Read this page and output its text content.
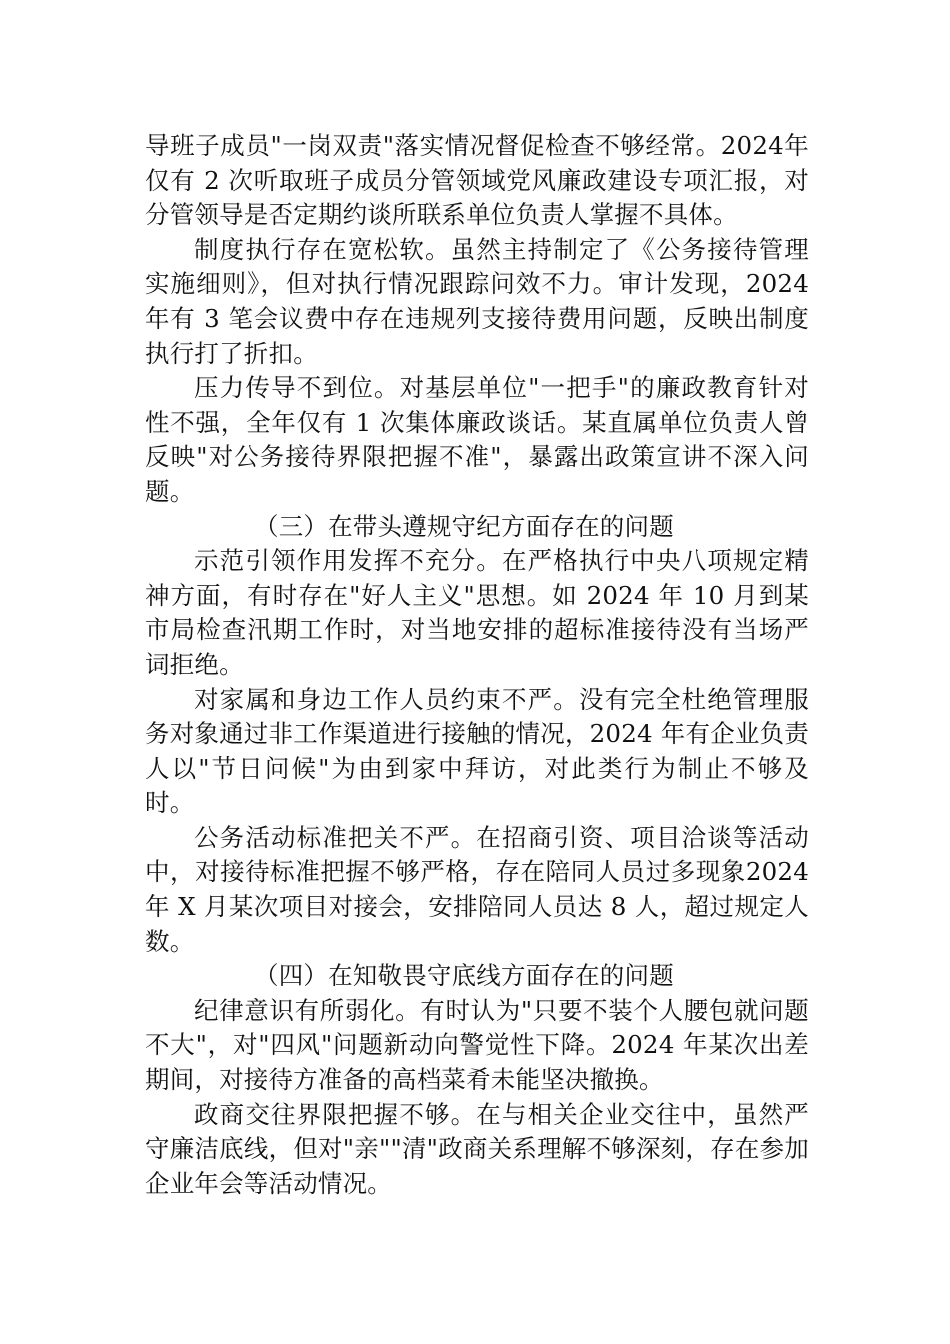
导班子成员"一岗双责"落实情况督促检查不够经常。2024年仅有 2 次听取班子成员分管领域党风廉政建设专项汇报，对分管领导是否定期约谈所联系单位负责人掌握不具体。

制度执行存在宽松软。虽然主持制定了《公务接待管理实施细则》，但对执行情况跟踪问效不力。审计发现，2024 年有 3 笔会议费中存在违规列支接待费用问题，反映出制度执行打了折扣。

压力传导不到位。对基层单位"一把手"的廉政教育针对性不强，全年仅有 1 次集体廉政谈话。某直属单位负责人曾反映"对公务接待界限把握不准"，暴露出政策宣讲不深入问题。

（三）在带头遵规守纪方面存在的问题

示范引领作用发挥不充分。在严格执行中央八项规定精神方面，有时存在"好人主义"思想。如 2024 年 10 月到某市局检查汛期工作时，对当地安排的超标准接待没有当场严词拒绝。

对家属和身边工作人员约束不严。没有完全杜绝管理服务对象通过非工作渠道进行接触的情况，2024 年有企业负责人以"节日问候"为由到家中拜访，对此类行为制止不够及时。

公务活动标准把关不严。在招商引资、项目洽谈等活动中，对接待标准把握不够严格，存在陪同人员过多现象2024 年 X 月某次项目对接会，安排陪同人员达 8 人，超过规定人数。

（四）在知敬畏守底线方面存在的问题

纪律意识有所弱化。有时认为"只要不装个人腰包就问题不大"，对"四风"问题新动向警觉性下降。2024 年某次出差期间，对接待方准备的高档菜肴未能坚决撤换。

政商交往界限把握不够。在与相关企业交往中，虽然严守廉洁底线，但对"亲""清"政商关系理解不够深刻，存在参加企业年会等活动情况。
